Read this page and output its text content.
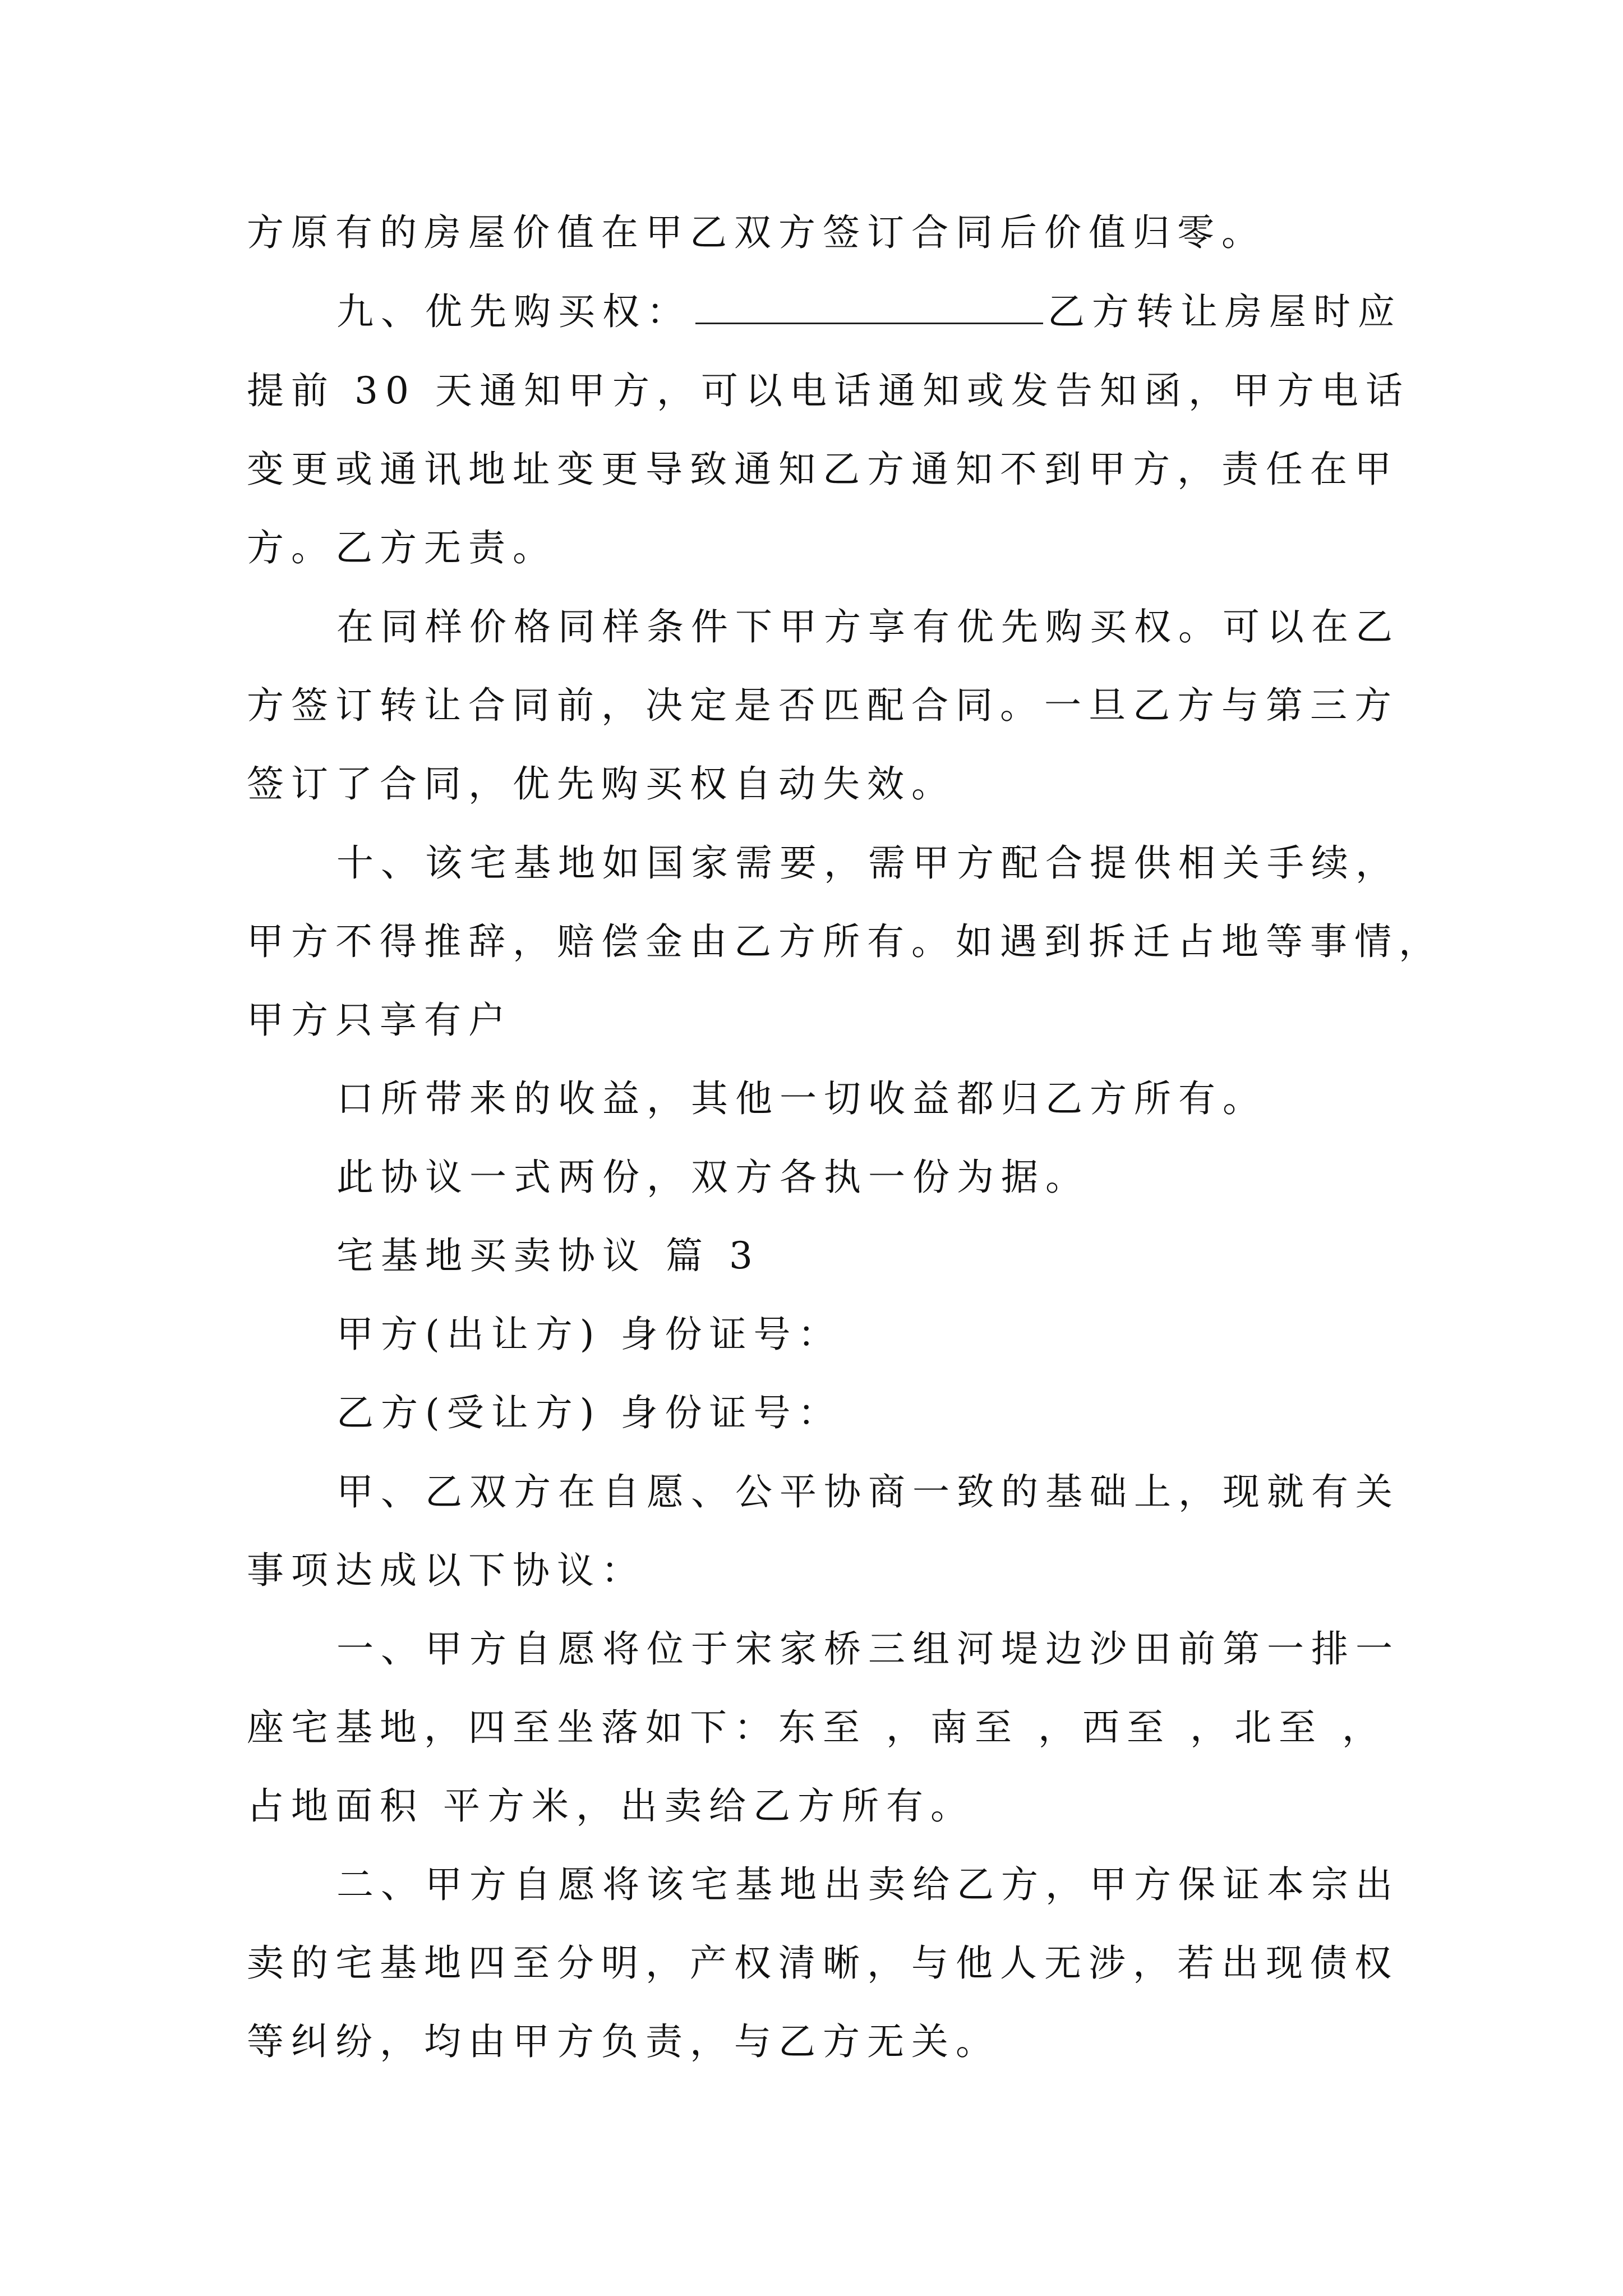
方原有的房屋价值在甲乙双方签订合同后价值归零。
九、优先购买权：	乙方转让房屋时应
提前 30 天通知甲方，可以电话通知或发告知函，甲方电话
变更或通讯地址变更导致通知乙方通知不到甲方，责任在甲
方。乙方无责。
在同样价格同样条件下甲方享有优先购买权。可以在乙
方签订转让合同前，决定是否匹配合同。一旦乙方与第三方
签订了合同，优先购买权自动失效。
十、该宅基地如国家需要，需甲方配合提供相关手续，
甲方不得推辞，赔偿金由乙方所有。如遇到拆迁占地等事情，
甲方只享有户
口所带来的收益，其他一切收益都归乙方所有。
此协议一式两份，双方各执一份为据。
宅基地买卖协议 篇 3
甲方(出让方) 身份证号：
乙方(受让方) 身份证号：
甲、乙双方在自愿、公平协商一致的基础上，现就有关
事项达成以下协议：
一、甲方自愿将位于宋家桥三组河堤边沙田前第一排一
座宅基地，四至坐落如下：东至 ，南至 ，西至 ，北至 ，
占地面积 平方米，出卖给乙方所有。
二、甲方自愿将该宅基地出卖给乙方，甲方保证本宗出
卖的宅基地四至分明，产权清晰，与他人无涉，若出现债权
等纠纷，均由甲方负责，与乙方无关。
